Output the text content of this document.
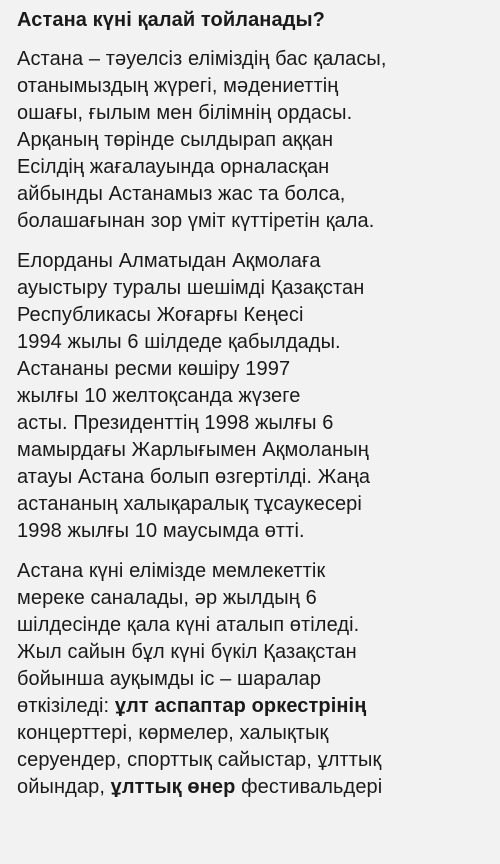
Астана күні қалай тойланады?
Астана – тәуелсіз еліміздің бас қаласы,
отанымыздың жүрегі, мәдениеттің
ошағы, ғылым мен білімнің ордасы.
Арқаның төрінде сылдырап аққан
Есілдің жағалауында орналасқан
айбынды Астанамыз жас та болса,
болашағынан зор үміт күттіретін қала.
Елорданы Алматыдан Ақмолаға
ауыстыру туралы шешімді Қазақстан
Республикасы Жоғарғы Кеңесі
1994 жылы 6 шілдеде қабылдады.
Астананы ресми көшіру 1997
жылғы 10 желтоқсанда жүзеге
асты. Президенттің 1998 жылғы 6
мамырдағы Жарлығымен Ақмоланың
атауы Астана болып өзгертілді. Жаңа
астананың халықаралық тұсаукесері
1998 жылғы 10 маусымда өтті.
Астана күні елімізде мемлекеттік
мереке саналады, әр жылдың 6
шілдесінде қала күні аталып өтіледі.
Жыл сайын бұл күні бүкіл Қазақстан
бойынша ауқымды іс – шаралар
өткізіледі: ұлт аспаптар оркестрінің
концерттері, көрмелер, халықтық
серуендер, спорттық сайыстар, ұлттық
ойындар, ұлттық өнер фестивальдері
